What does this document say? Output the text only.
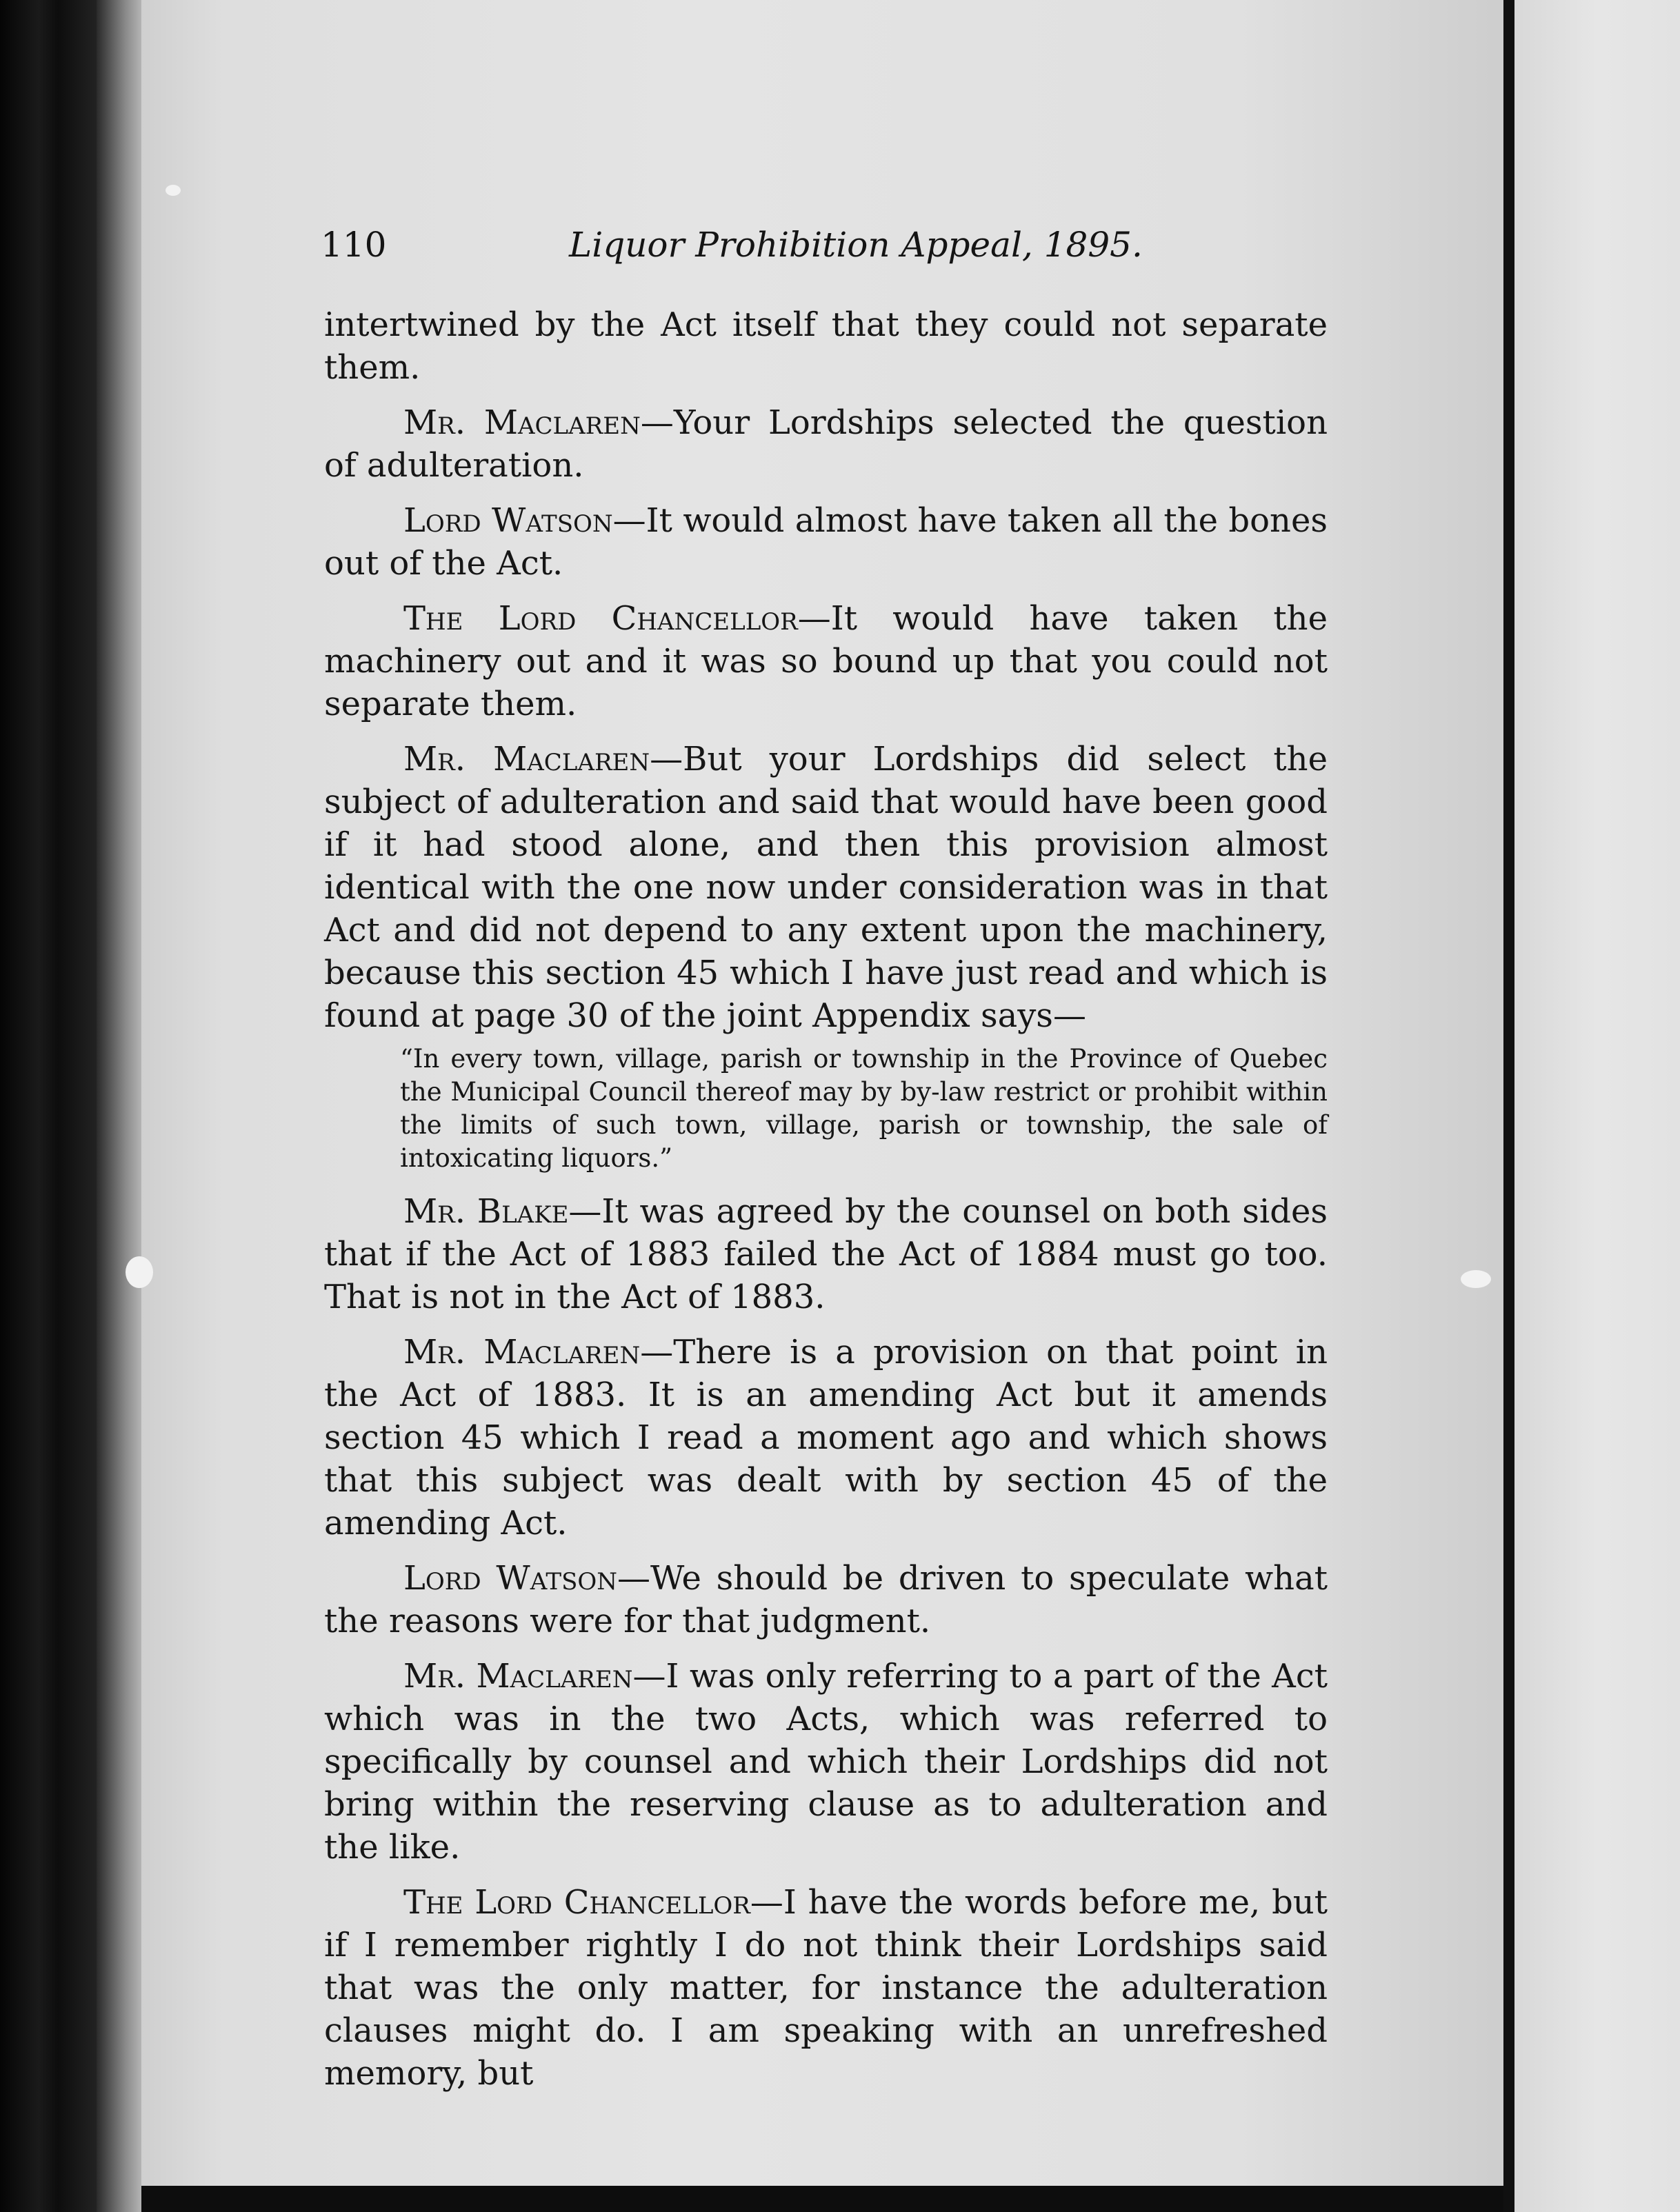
110	Liquor Prohibition Appeal, 1895.

intertwined by the Act itself that they could not separate them.

Mr. Maclaren—Your Lordships selected the question of adulteration.

Lord Watson—It would almost have taken all the bones out of the Act.

The Lord Chancellor—It would have taken the machinery out and it was so bound up that you could not separate them.

Mr. Maclaren—But your Lordships did select the subject of adulteration and said that would have been good if it had stood alone, and then this provision almost identical with the one now under consideration was in that Act and did not depend to any extent upon the machinery, because this section 45 which I have just read and which is found at page 30 of the joint Appendix says—

“In every town, village, parish or township in the Province of Quebec the Municipal Council thereof may by by-law restrict or prohibit within the limits of such town, village, parish or township, the sale of intoxicating liquors.”

Mr. Blake—It was agreed by the counsel on both sides that if the Act of 1883 failed the Act of 1884 must go too. That is not in the Act of 1883.

Mr. Maclaren—There is a provision on that point in the Act of 1883. It is an amending Act but it amends section 45 which I read a moment ago and which shows that this subject was dealt with by section 45 of the amending Act.

Lord Watson—We should be driven to speculate what the reasons were for that judgment.

Mr. Maclaren—I was only referring to a part of the Act which was in the two Acts, which was referred to specifically by counsel and which their Lordships did not bring within the reserving clause as to adulteration and the like.

The Lord Chancellor—I have the words before me, but if I remember rightly I do not think their Lordships said that was the only matter, for instance the adulteration clauses might do. I am speaking with an unrefreshed memory, but
